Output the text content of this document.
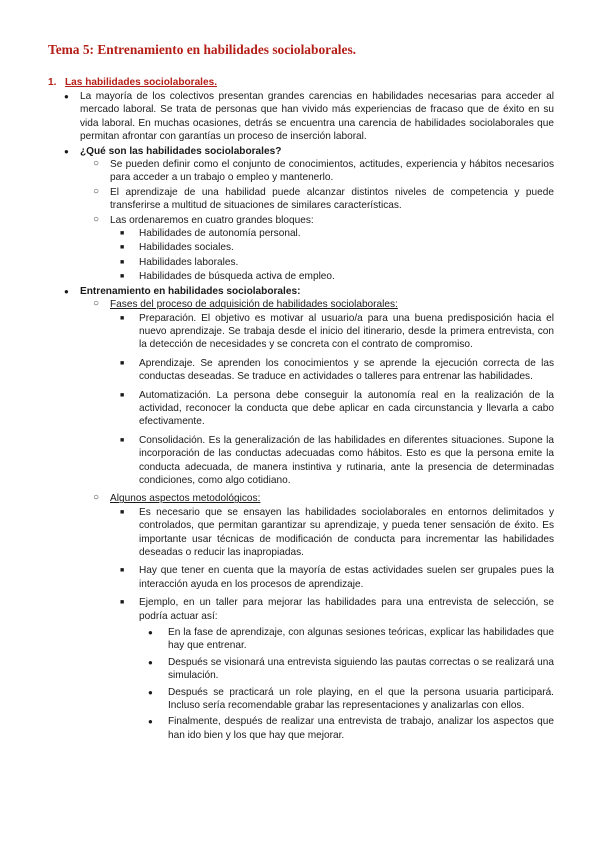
Tema 5: Entrenamiento en habilidades sociolaborales.
1. Las habilidades sociolaborales.
● La mayoría de los colectivos presentan grandes carencias en habilidades necesarias para acceder al mercado laboral. Se trata de personas que han vivido más experiencias de fracaso que de éxito en su vida laboral. En muchas ocasiones, detrás se encuentra una carencia de habilidades sociolaborales que permitan afrontar con garantías un proceso de inserción laboral.
● ¿Qué son las habilidades sociolaborales?
○ Se pueden definir como el conjunto de conocimientos, actitudes, experiencia y hábitos necesarios para acceder a un trabajo o empleo y mantenerlo.
○ El aprendizaje de una habilidad puede alcanzar distintos niveles de competencia y puede transferirse a multitud de situaciones de similares características.
○ Las ordenaremos en cuatro grandes bloques:
■ Habilidades de autonomía personal.
■ Habilidades sociales.
■ Habilidades laborales.
■ Habilidades de búsqueda activa de empleo.
● Entrenamiento en habilidades sociolaborales:
○ Fases del proceso de adquisición de habilidades sociolaborales:
■ Preparación. El objetivo es motivar al usuario/a para una buena predisposición hacia el nuevo aprendizaje. Se trabaja desde el inicio del itinerario, desde la primera entrevista, con la detección de necesidades y se concreta con el contrato de compromiso.
■ Aprendizaje. Se aprenden los conocimientos y se aprende la ejecución correcta de las conductas deseadas. Se traduce en actividades o talleres para entrenar las habilidades.
■ Automatización. La persona debe conseguir la autonomía real en la realización de la actividad, reconocer la conducta que debe aplicar en cada circunstancia y llevarla a cabo efectivamente.
■ Consolidación. Es la generalización de las habilidades en diferentes situaciones. Supone la incorporación de las conductas adecuadas como hábitos. Esto es que la persona emite la conducta adecuada, de manera instintiva y rutinaria, ante la presencia de determinadas condiciones, como algo cotidiano.
○ Algunos aspectos metodológicos:
■ Es necesario que se ensayen las habilidades sociolaborales en entornos delimitados y controlados, que permitan garantizar su aprendizaje, y pueda tener sensación de éxito. Es importante usar técnicas de modificación de conducta para incrementar las habilidades deseadas o reducir las inapropiadas.
■ Hay que tener en cuenta que la mayoría de estas actividades suelen ser grupales pues la interacción ayuda en los procesos de aprendizaje.
■ Ejemplo, en un taller para mejorar las habilidades para una entrevista de selección, se podría actuar así:
● En la fase de aprendizaje, con algunas sesiones teóricas, explicar las habilidades que hay que entrenar.
● Después se visionará una entrevista siguiendo las pautas correctas o se realizará una simulación.
● Después se practicará un role playing, en el que la persona usuaria participará. Incluso sería recomendable grabar las representaciones y analizarlas con ellos.
● Finalmente, después de realizar una entrevista de trabajo, analizar los aspectos que han ido bien y los que hay que mejorar.
